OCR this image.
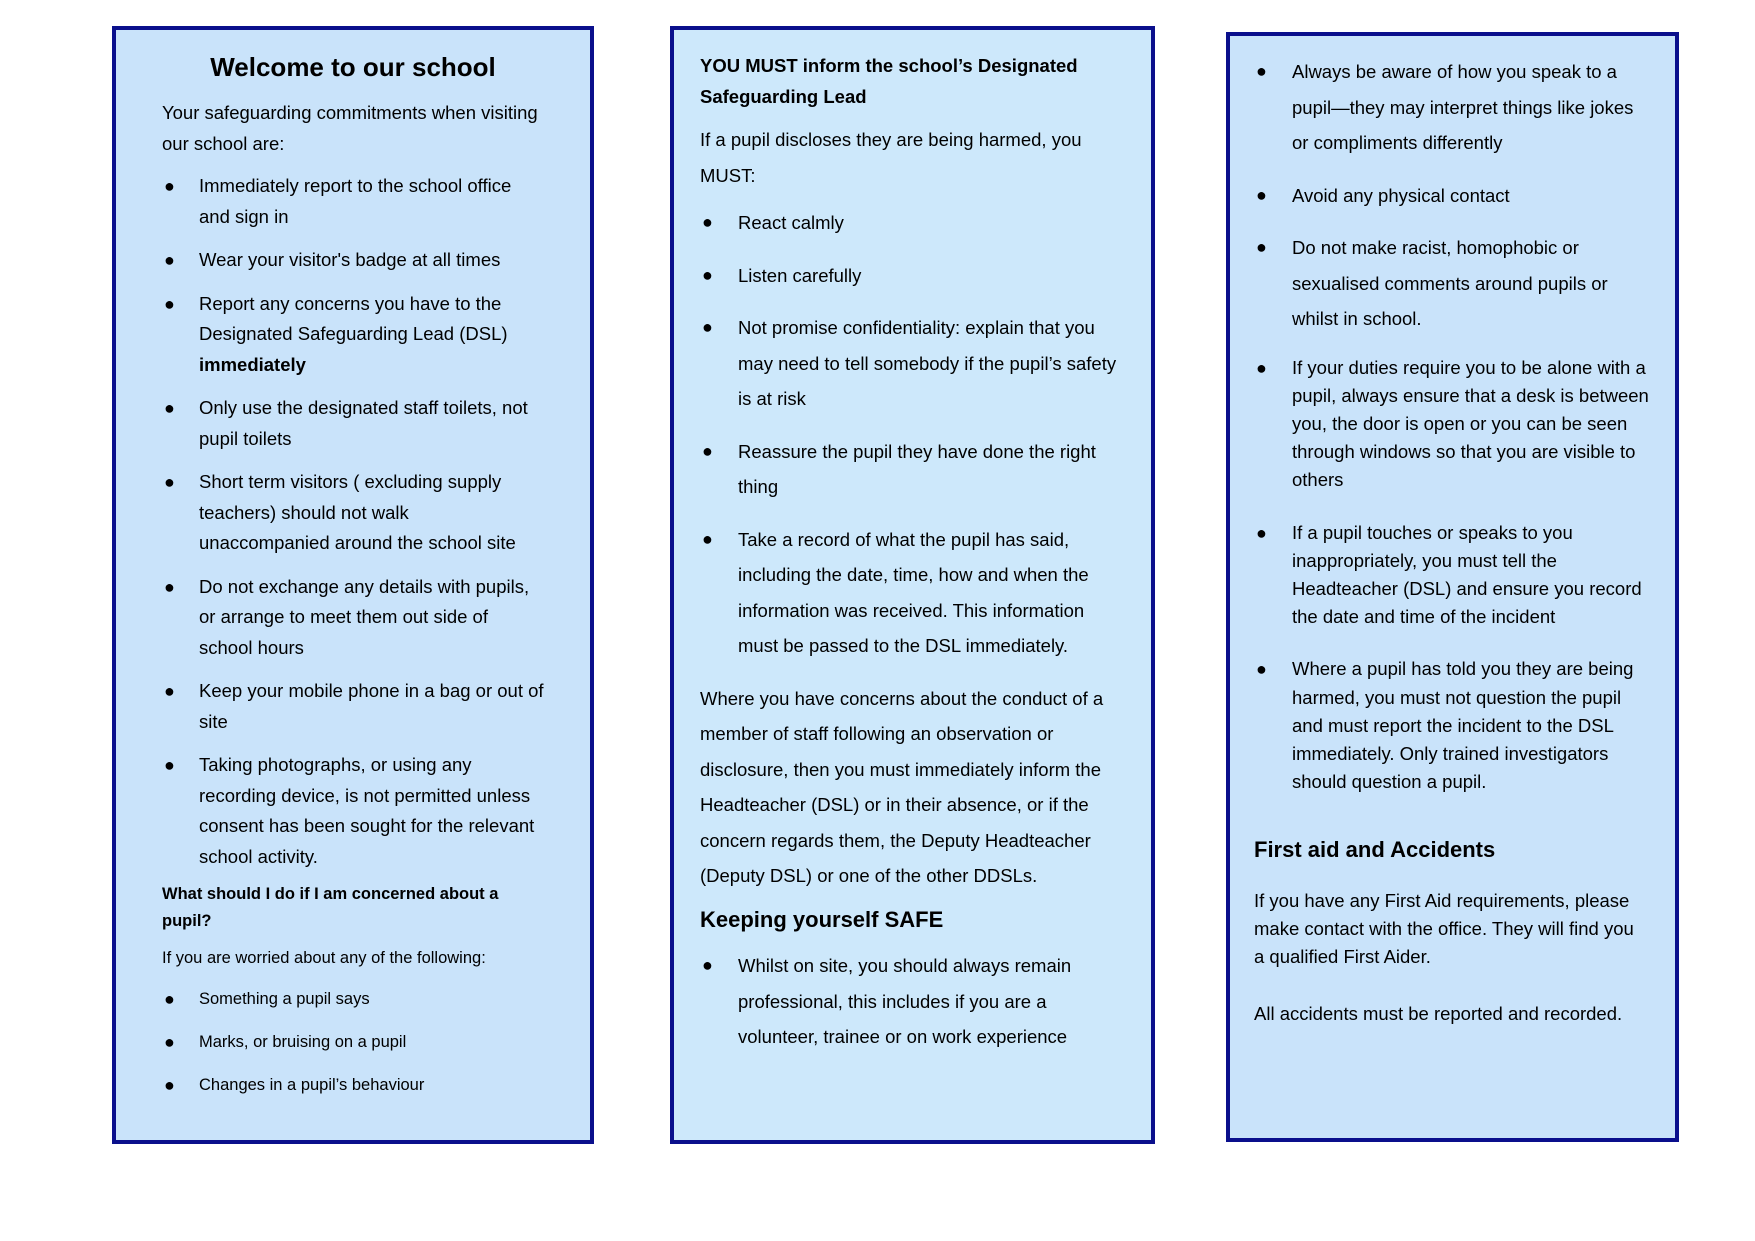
Welcome to our school
Your safeguarding commitments when visiting our school are:
● Immediately report to the school office and sign in
● Wear your visitor's badge at all times
● Report any concerns you have to the Designated Safeguarding Lead (DSL) immediately
● Only use the designated staff toilets, not pupil toilets
● Short term visitors ( excluding supply teachers) should not walk unaccompanied around the school site
● Do not exchange any details with pupils, or arrange to meet them out side of school hours
● Keep your mobile phone in a bag or out of site
● Taking photographs, or using any recording device, is not permitted unless consent has been sought for the relevant school activity.
What should I do if I am concerned about a pupil?
If you are worried about any of the following:
● Something a pupil says
● Marks, or bruising on a pupil
● Changes in a pupil’s behaviour
YOU MUST inform the school’s Designated Safeguarding Lead
If a pupil discloses they are being harmed, you MUST:
● React calmly
● Listen carefully
● Not promise confidentiality: explain that you may need to tell somebody if the pupil’s safety is at risk
● Reassure the pupil they have done the right thing
● Take a record of what the pupil has said, including the date, time, how and when the information was received. This information must be passed to the DSL immediately.
Where you have concerns about the conduct of a member of staff following an observation or disclosure, then you must immediately inform the Headteacher (DSL) or in their absence, or if the concern regards them, the Deputy Headteacher (Deputy DSL) or one of the other DDSLs.
Keeping yourself SAFE
● Whilst on site, you should always remain professional, this includes if you are a volunteer, trainee or on work experience
● Always be aware of how you speak to a pupil—they may interpret things like jokes or compliments differently
● Avoid any physical contact
● Do not make racist, homophobic or sexualised comments around pupils or whilst in school.
● If your duties require you to be alone with a pupil, always ensure that a desk is between you, the door is open or you can be seen through windows so that you are visible to others
● If a pupil touches or speaks to you inappropriately, you must tell the Headteacher (DSL) and ensure you record the date and time of the incident
● Where a pupil has told you they are being harmed, you must not question the pupil and must report the incident to the DSL immediately. Only trained investigators should question a pupil.
First aid and Accidents
If you have any First Aid requirements, please make contact with the office. They will find you a qualified First Aider.
All accidents must be reported and recorded.
